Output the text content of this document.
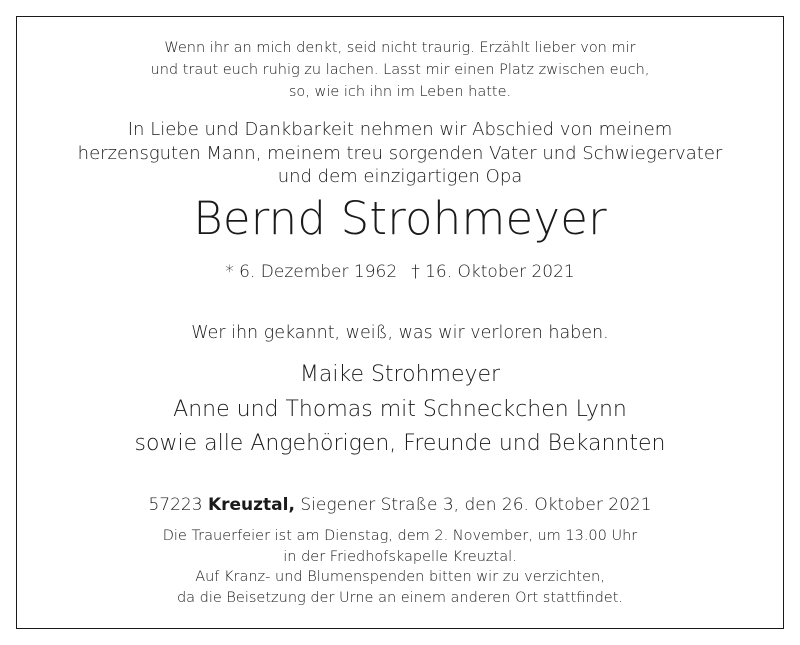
Wenn ihr an mich denkt, seid nicht traurig. Erzählt lieber von mir
und traut euch ruhig zu lachen. Lasst mir einen Platz zwischen euch,
so, wie ich ihn im Leben hatte.
In Liebe und Dankbarkeit nehmen wir Abschied von meinem
herzensguten Mann, meinem treu sorgenden Vater und Schwiegervater
und dem einzigartigen Opa
Bernd Strohmeyer
* 6. Dezember 1962 † 16. Oktober 2021
Wer ihn gekannt, weiß, was wir verloren haben.
Maike Strohmeyer
Anne und Thomas mit Schneckchen Lynn
sowie alle Angehörigen, Freunde und Bekannten
57223 Kreuztal, Siegener Straße 3, den 26. Oktober 2021
Die Trauerfeier ist am Dienstag, dem 2. November, um 13.00 Uhr
in der Friedhofskapelle Kreuztal.
Auf Kranz- und Blumenspenden bitten wir zu verzichten,
da die Beisetzung der Urne an einem anderen Ort stattfindet.
